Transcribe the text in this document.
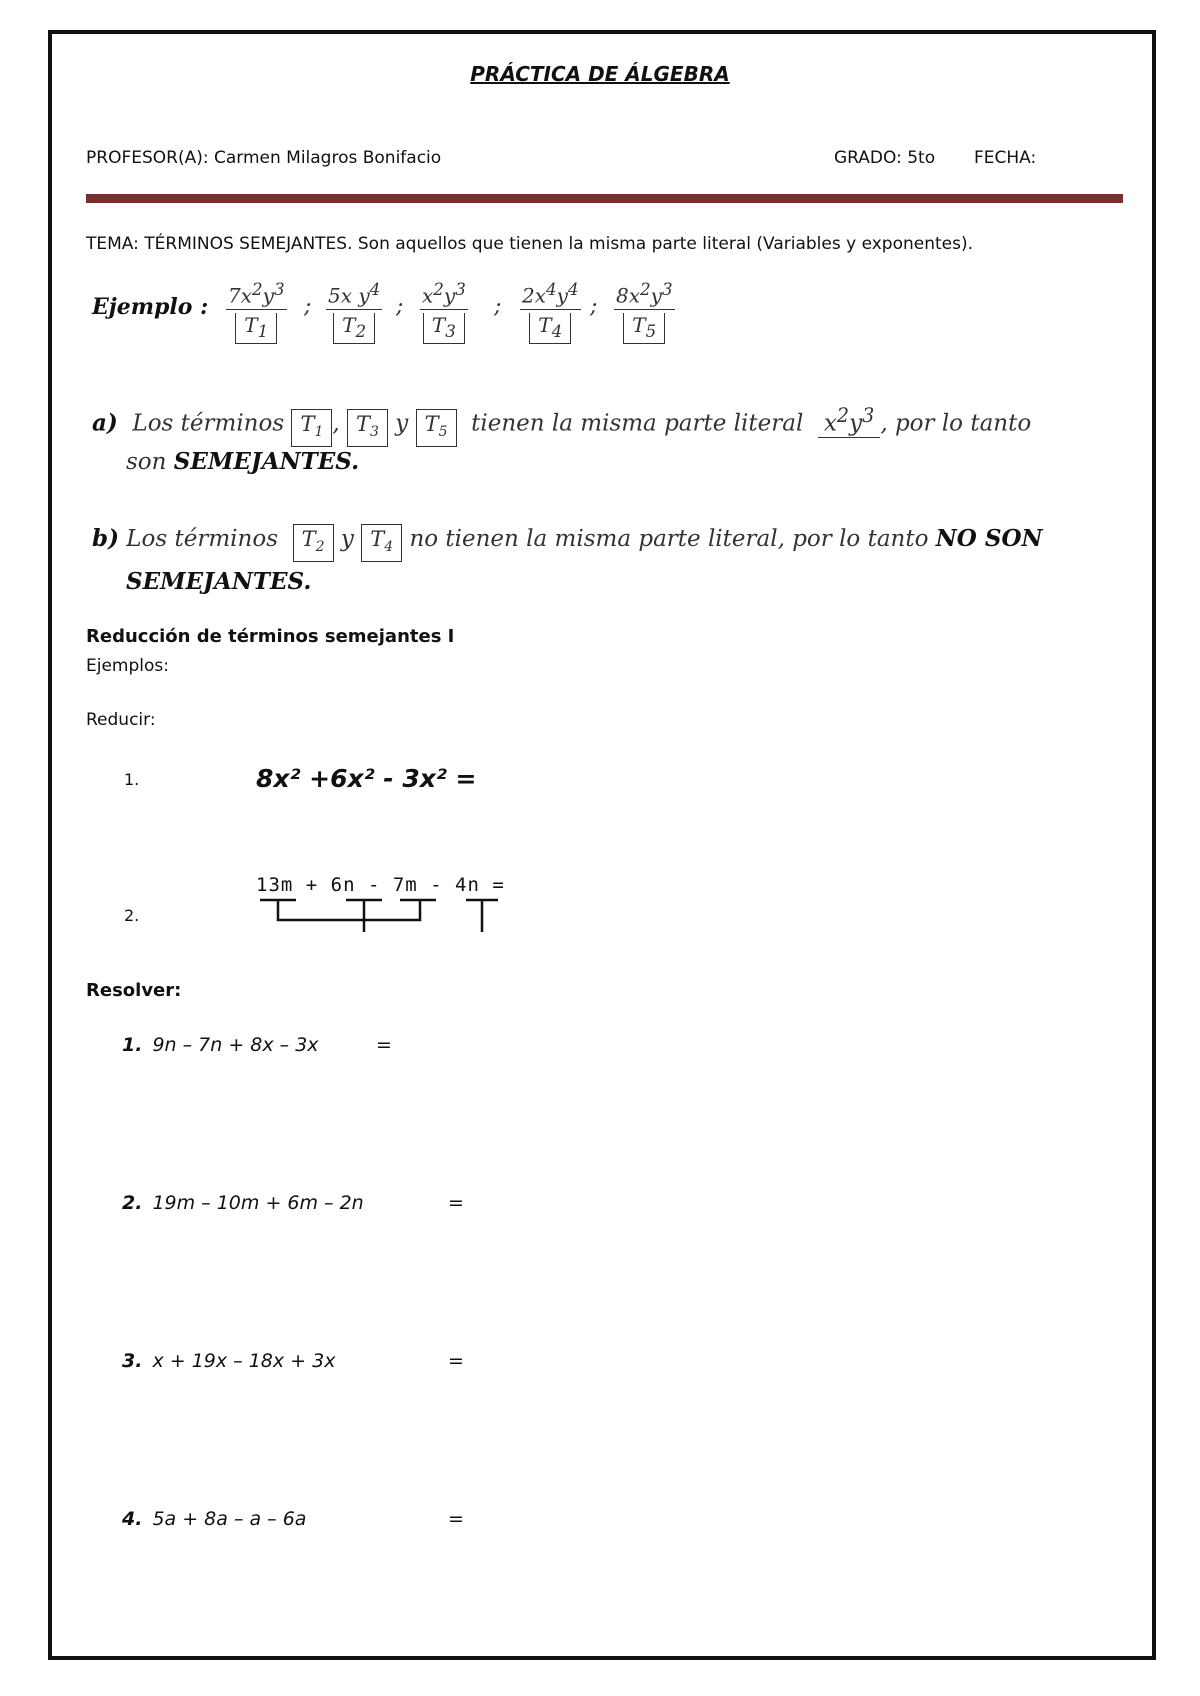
PRÁCTICA DE ÁLGEBRA
PROFESOR(A): Carmen Milagros Bonifacio	GRADO: 5to FECHA:
TEMA: TÉRMINOS SEMEJANTES. Son aquellos que tienen la misma parte literal (Variables y exponentes).
Ejemplo : $\frac{7x^2y^3}{T_1}$ ; $\frac{5x y^4}{T_2}$ ; $\frac{x^2y^3}{T_3}$ ; $\frac{2x^4y^4}{T_4}$ ; $\frac{8x^2y^3}{T_5}$
a) Los términos $T_1$ , $T_3$ y $T_5$ tienen la misma parte literal $x^2y^3$ , por lo tanto
son SEMEJANTES.
b) Los términos $T_2$ y $T_4$ no tienen la misma parte literal, por lo tanto NO SON
SEMEJANTES.
Reducción de términos semejantes I
Ejemplos:
Reducir:
1.	8x² +6x² - 3x² =
2.
13m + 6n - 7m - 4n =
Resolver:
1. 9n – 7n + 8x – 3x	=
2. 19m – 10m + 6m – 2n	=
3. x + 19x – 18x + 3x	=
4. 5a + 8a – a – 6a	=
